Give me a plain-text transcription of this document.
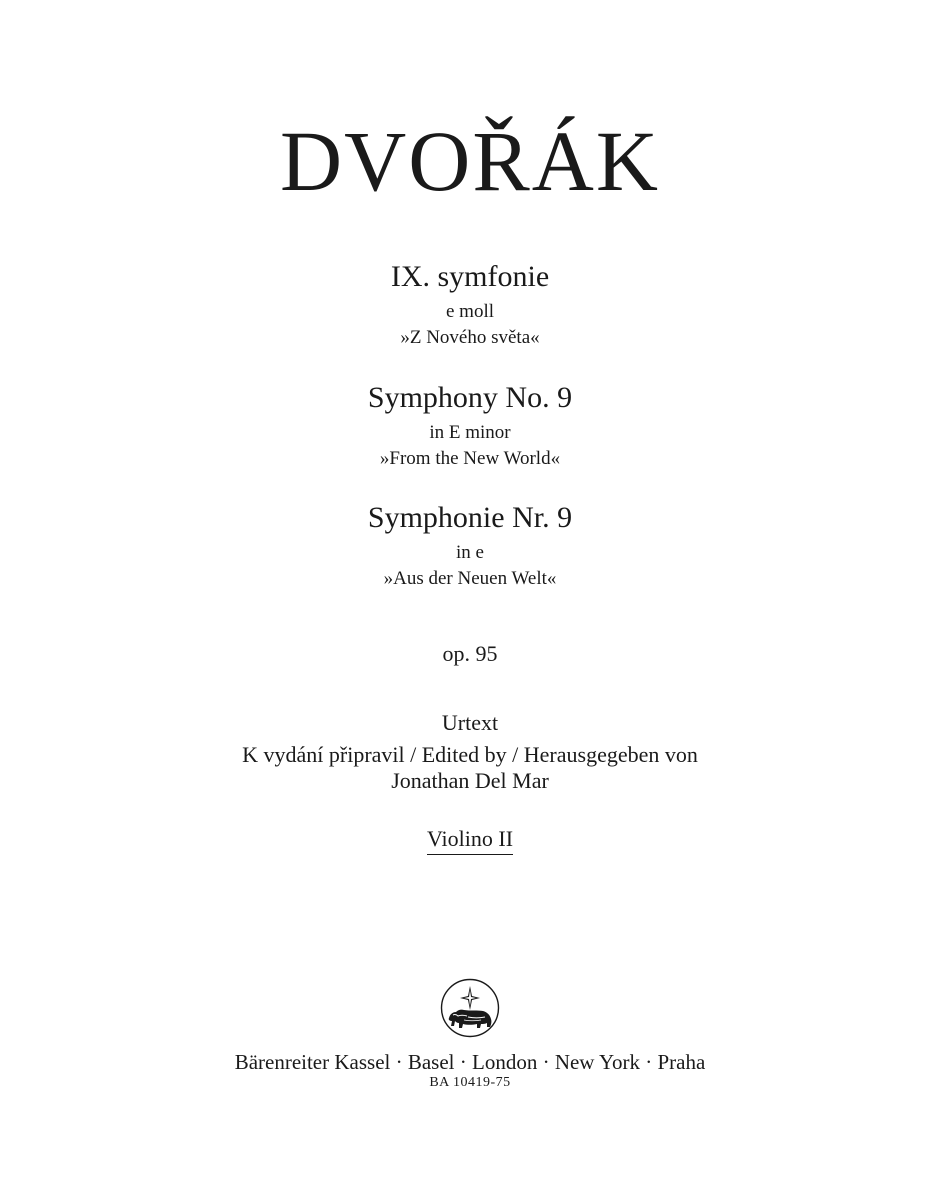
DVOŘÁK
IX. symfonie
e moll
»Z Nového světa«
Symphony No. 9
in E minor
»From the New World«
Symphonie Nr. 9
in e
»Aus der Neuen Welt«
op. 95
Urtext
K vydání připravil / Edited by / Herausgegeben von
Jonathan Del Mar
Violino II
Bärenreiter Kassel · Basel · London · New York · Praha
BA 10419-75
